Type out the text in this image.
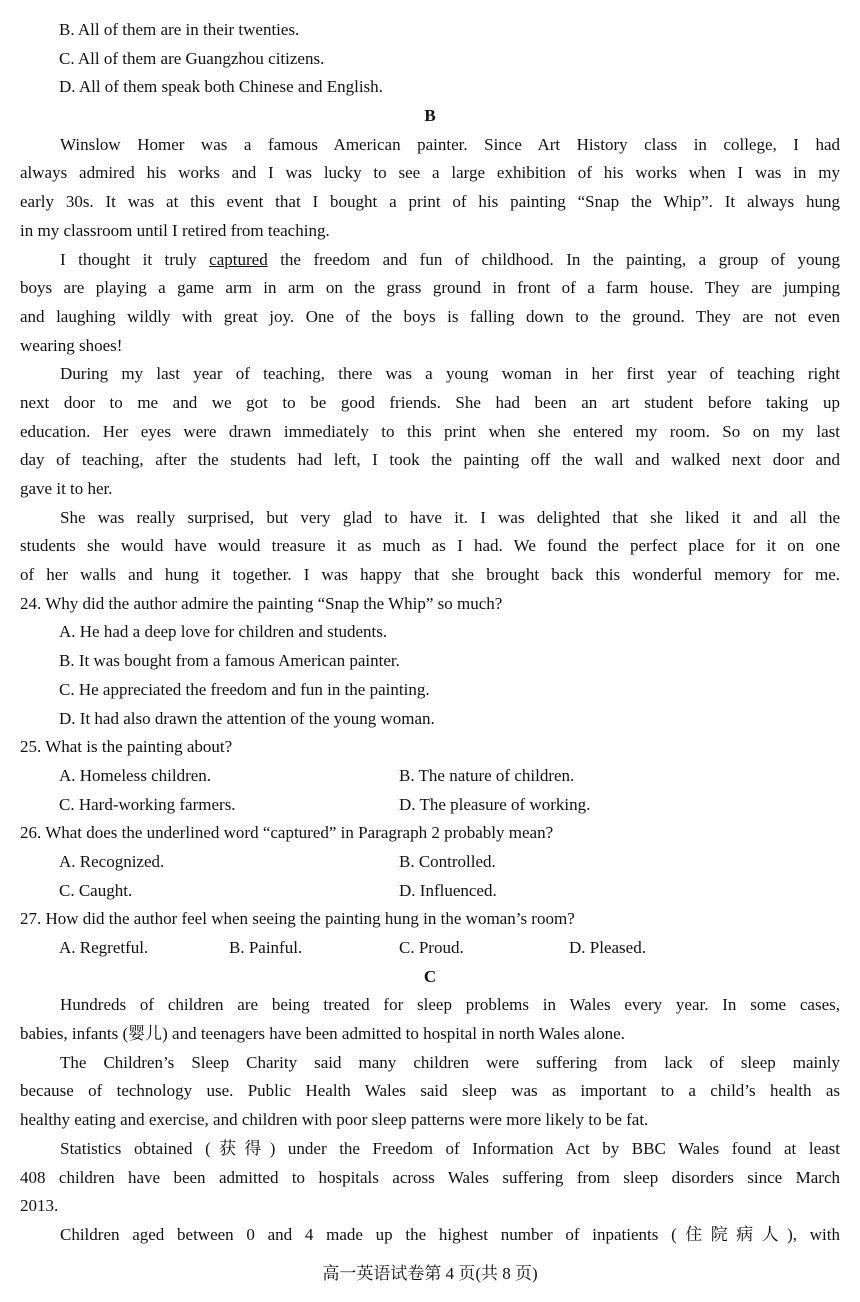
B. All of them are in their twenties.
C. All of them are Guangzhou citizens.
D. All of them speak both Chinese and English.
B
Winslow Homer was a famous American painter. Since Art History class in college, I had
always admired his works and I was lucky to see a large exhibition of his works when I was in my
early 30s. It was at this event that I bought a print of his painting “Snap the Whip”. It always hung
in my classroom until I retired from teaching.
I thought it truly captured the freedom and fun of childhood. In the painting, a group of young
boys are playing a game arm in arm on the grass ground in front of a farm house. They are jumping
and laughing wildly with great joy. One of the boys is falling down to the ground. They are not even
wearing shoes!
During my last year of teaching, there was a young woman in her first year of teaching right
next door to me and we got to be good friends. She had been an art student before taking up
education. Her eyes were drawn immediately to this print when she entered my room. So on my last
day of teaching, after the students had left, I took the painting off the wall and walked next door and
gave it to her.
She was really surprised, but very glad to have it. I was delighted that she liked it and all the
students she would have would treasure it as much as I had. We found the perfect place for it on one
of her walls and hung it together. I was happy that she brought back this wonderful memory for me.
24. Why did the author admire the painting “Snap the Whip” so much?
A. He had a deep love for children and students.
B. It was bought from a famous American painter.
C. He appreciated the freedom and fun in the painting.
D. It had also drawn the attention of the young woman.
25. What is the painting about?
A. Homeless children.	B. The nature of children.
C. Hard-working farmers.	D. The pleasure of working.
26. What does the underlined word “captured” in Paragraph 2 probably mean?
A. Recognized.	B. Controlled.
C. Caught.	D. Influenced.
27. How did the author feel when seeing the painting hung in the woman’s room?
A. Regretful.	B. Painful.	C. Proud.	D. Pleased.
C
Hundreds of children are being treated for sleep problems in Wales every year. In some cases,
babies, infants (婴儿) and teenagers have been admitted to hospital in north Wales alone.
The Children’s Sleep Charity said many children were suffering from lack of sleep mainly
because of technology use. Public Health Wales said sleep was as important to a child’s health as
healthy eating and exercise, and children with poor sleep patterns were more likely to be fat.
Statistics obtained (获得) under the Freedom of Information Act by BBC Wales found at least
408 children have been admitted to hospitals across Wales suffering from sleep disorders since March
2013.
Children aged between 0 and 4 made up the highest number of inpatients (住院病人), with
高一英语试卷第 4 页(共 8 页)
